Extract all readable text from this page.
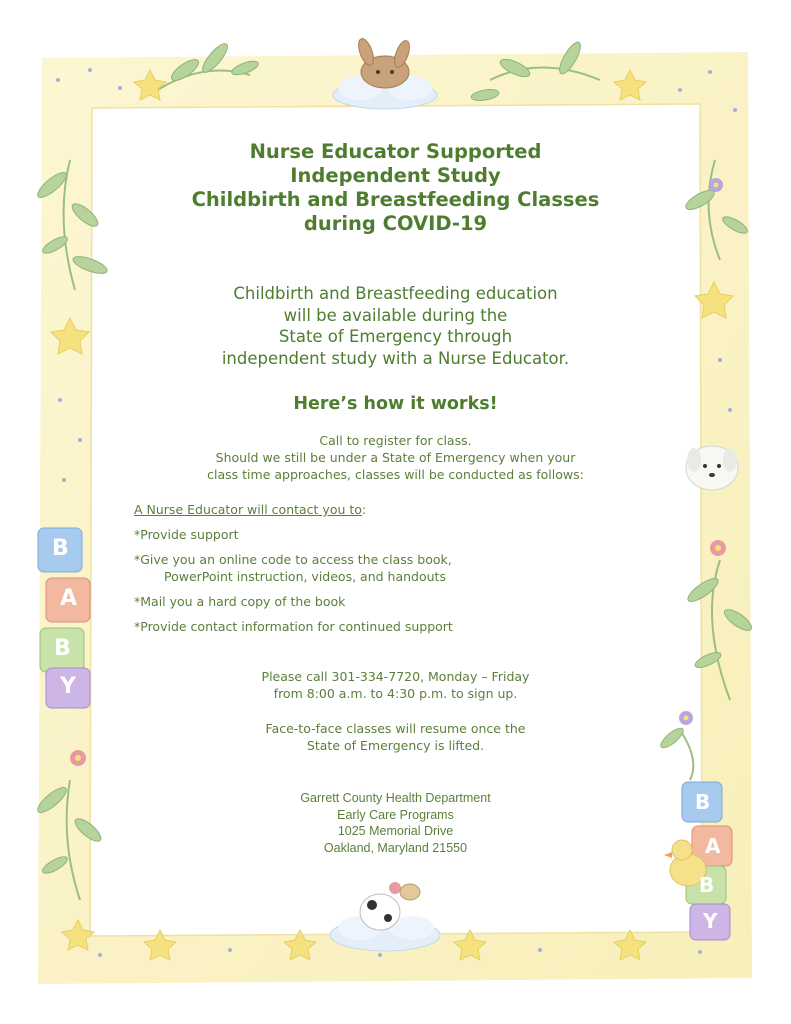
B
A
B
Y
B
A
B
Y
Nurse Educator Supported
Independent Study
Childbirth and Breastfeeding Classes
during COVID-19
Childbirth and Breastfeeding education
will be available during the
State of Emergency through
independent study with a Nurse Educator.
Here’s how it works!
Call to register for class.
Should we still be under a State of Emergency when your
class time approaches, classes will be conducted as follows:
A Nurse Educator will contact you to:
*Provide support
*Give you an online code to access the class book,
PowerPoint instruction, videos, and handouts
*Mail you a hard copy of the book
*Provide contact information for continued support
Please call 301-334-7720, Monday – Friday
from 8:00 a.m. to 4:30 p.m. to sign up.
Face-to-face classes will resume once the
State of Emergency is lifted.
Garrett County Health Department
Early Care Programs
1025 Memorial Drive
Oakland, Maryland 21550
